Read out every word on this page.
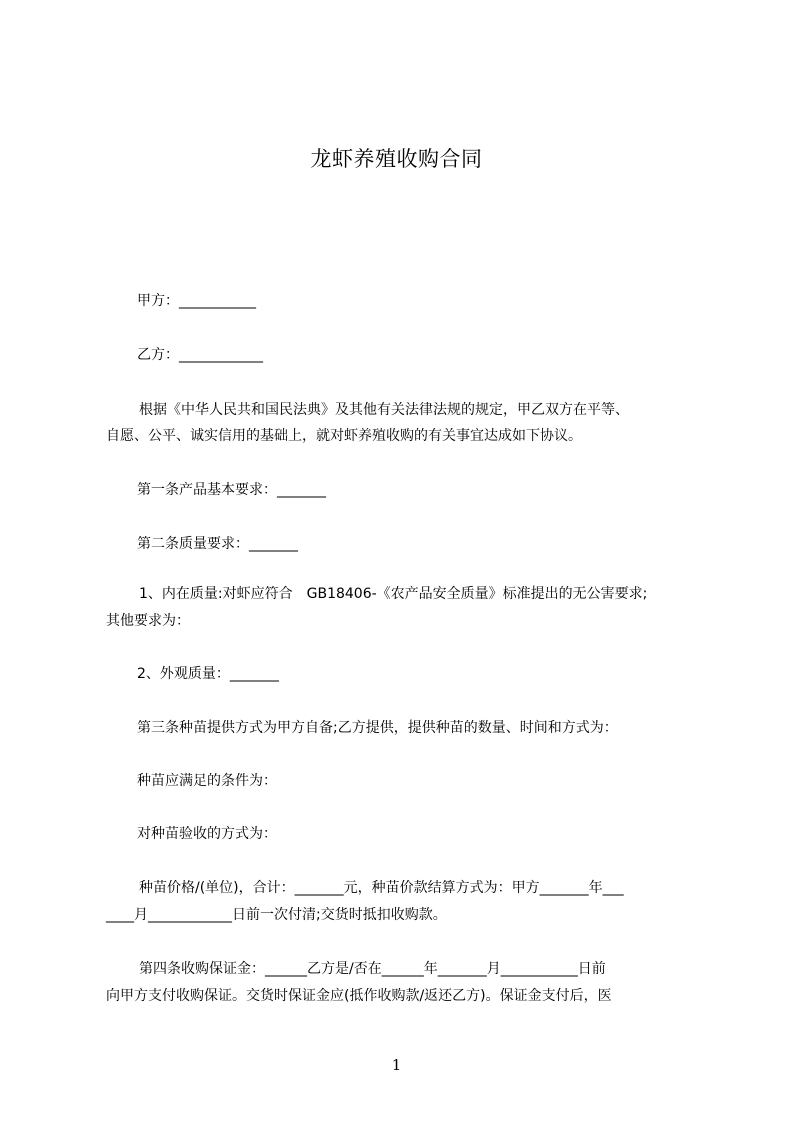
龙虾养殖收购合同
甲方：___________
乙方：____________
根据《中华人民共和国民法典》及其他有关法律法规的规定，甲乙双方在平等、
自愿、公平、诚实信用的基础上，就对虾养殖收购的有关事宜达成如下协议。
第一条产品基本要求：_______
第二条质量要求：_______
1、内在质量:对虾应符合　GB18406-《农产品安全质量》标准提出的无公害要求;
其他要求为：
2、外观质量：_______
第三条种苗提供方式为甲方自备;乙方提供，提供种苗的数量、时间和方式为：
种苗应满足的条件为：
对种苗验收的方式为：
种苗价格/(单位)，合计：_______元，种苗价款结算方式为：甲方_______年___
____月____________日前一次付清;交货时抵扣收购款。
第四条收购保证金：______乙方是/否在______年_______月___________日前
向甲方支付收购保证。交货时保证金应(抵作收购款/返还乙方)。保证金支付后，医
1
